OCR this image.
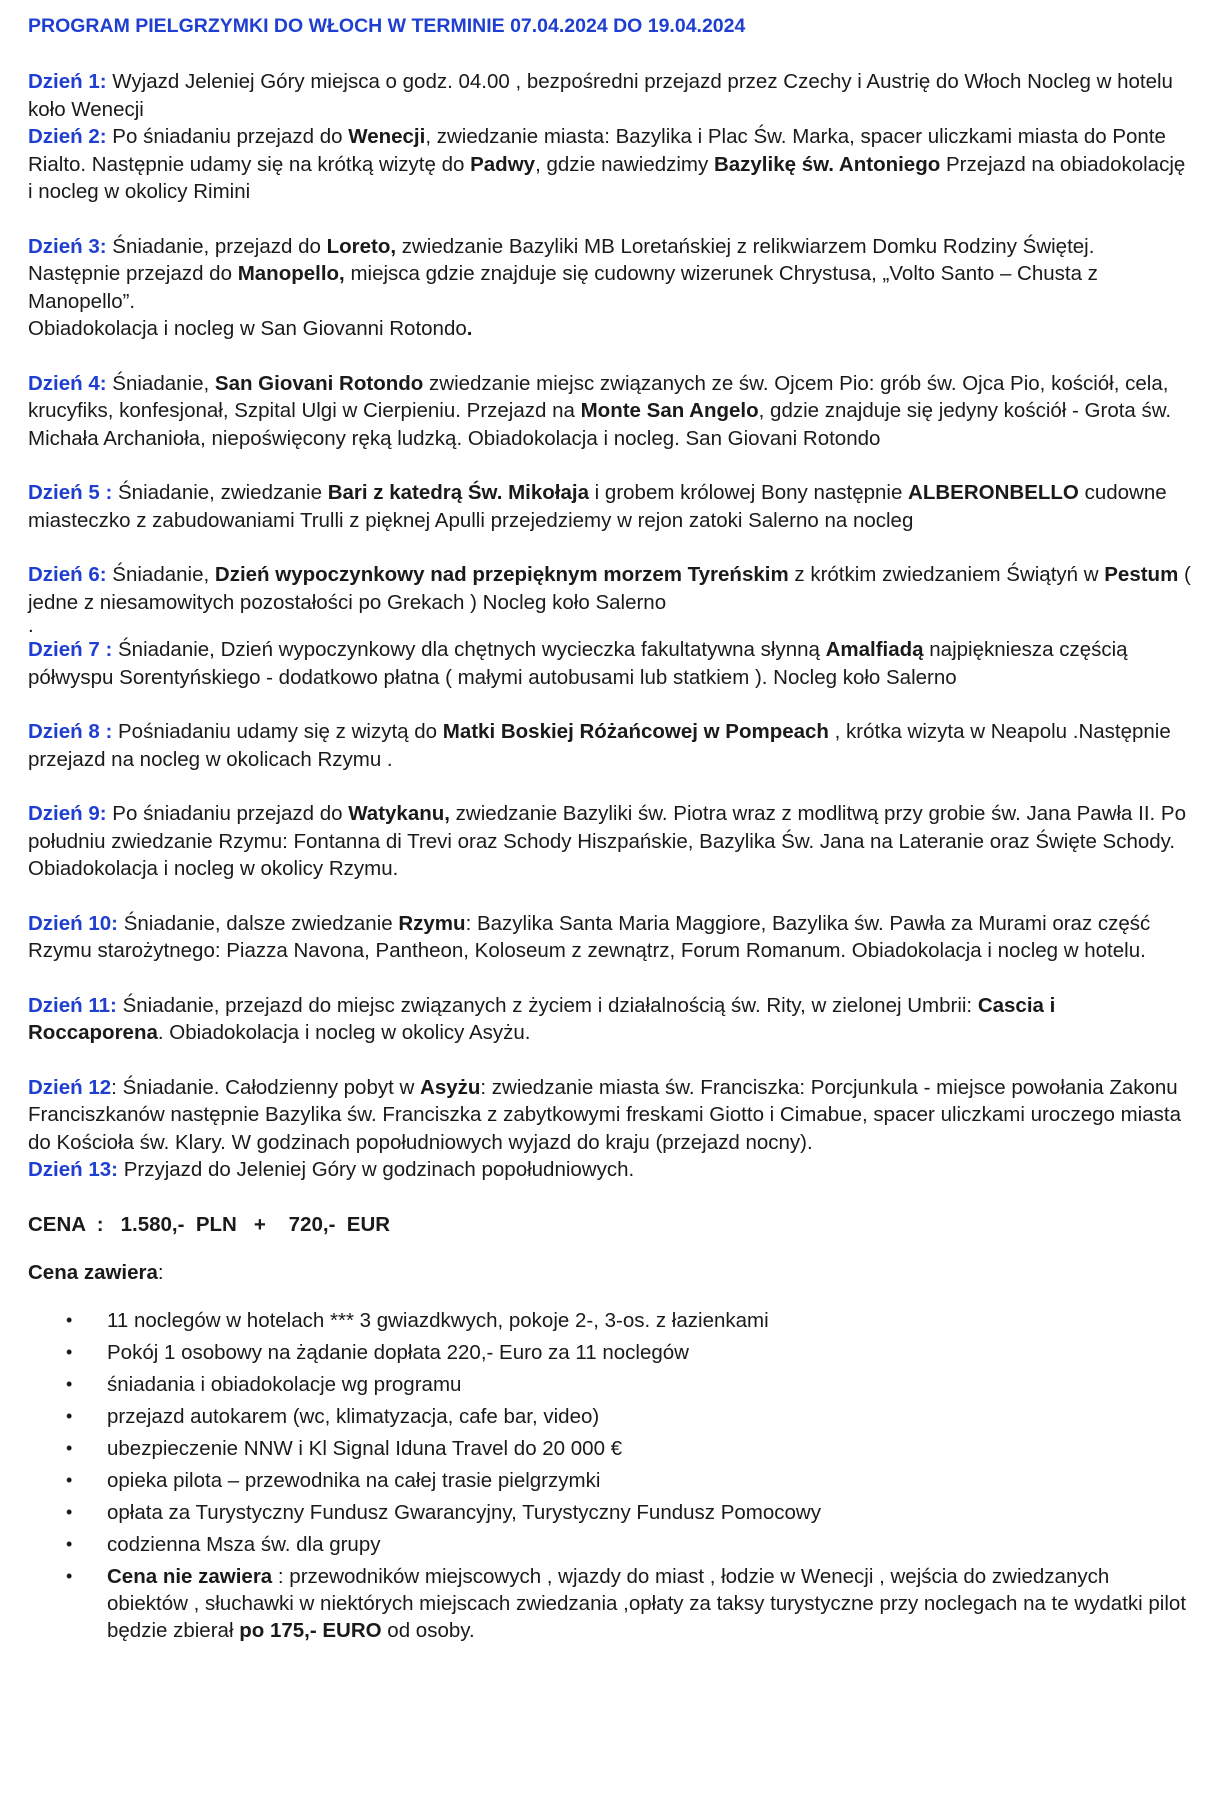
PROGRAM PIELGRZYMKI DO WŁOCH W TERMINIE 07.04.2024 DO 19.04.2024

Dzień 1: Wyjazd Jeleniej Góry miejsca o godz. 04.00 , bezpośredni przejazd przez Czechy i Austrię do Włoch Nocleg w hotelu koło Wenecji

Dzień 2: Po śniadaniu przejazd do Wenecji, zwiedzanie miasta: Bazylika i Plac Św. Marka, spacer uliczkami miasta do Ponte Rialto. Następnie udamy się na krótką wizytę do Padwy, gdzie nawiedzimy Bazylikę św. Antoniego Przejazd na obiadokolację i nocleg w okolicy Rimini

Dzień 3: Śniadanie, przejazd do Loreto, zwiedzanie Bazyliki MB Loretańskiej z relikwiarzem Domku Rodziny Świętej. Następnie przejazd do Manopello, miejsca gdzie znajduje się cudowny wizerunek Chrystusa, „Volto Santo – Chusta z Manopello”.
Obiadokolacja i nocleg w San Giovanni Rotondo.

Dzień 4: Śniadanie, San Giovani Rotondo zwiedzanie miejsc związanych ze św. Ojcem Pio: grób św. Ojca Pio, kościół, cela, krucyfiks, konfesjonał, Szpital Ulgi w Cierpieniu. Przejazd na Monte San Angelo, gdzie znajduje się jedyny kościół - Grota św. Michała Archanioła, niepoświęcony ręką ludzką. Obiadokolacja i nocleg. San Giovani Rotondo

Dzień 5 : Śniadanie, zwiedzanie Bari z katedrą Św. Mikołaja i grobem królowej Bony następnie ALBERONBELLO cudowne miasteczko z zabudowaniami Trulli z pięknej Apulli przejedziemy w rejon zatoki Salerno na nocleg

Dzień 6: Śniadanie, Dzień wypoczynkowy nad przepięknym morzem Tyreńskim z krótkim zwiedzaniem Świątyń w Pestum ( jedne z niesamowitych pozostałości po Grekach ) Nocleg koło Salerno

.

Dzień 7 : Śniadanie, Dzień wypoczynkowy dla chętnych wycieczka fakultatywna słynną Amalfiadą najpiękniesza częścią półwyspu Sorentyńskiego - dodatkowo płatna ( małymi autobusami lub statkiem ). Nocleg koło Salerno

Dzień 8 : Pośniadaniu udamy się z wizytą do Matki Boskiej Różańcowej w Pompeach , krótka wizyta w Neapolu .Następnie przejazd na nocleg w okolicach Rzymu .

Dzień 9: Po śniadaniu przejazd do Watykanu, zwiedzanie Bazyliki św. Piotra wraz z modlitwą przy grobie św. Jana Pawła II. Po południu zwiedzanie Rzymu: Fontanna di Trevi oraz Schody Hiszpańskie, Bazylika Św. Jana na Lateranie oraz Święte Schody. Obiadokolacja i nocleg w okolicy Rzymu.

Dzień 10: Śniadanie, dalsze zwiedzanie Rzymu: Bazylika Santa Maria Maggiore, Bazylika św. Pawła za Murami oraz część Rzymu starożytnego: Piazza Navona, Pantheon, Koloseum z zewnątrz, Forum Romanum. Obiadokolacja i nocleg w hotelu.

Dzień 11: Śniadanie, przejazd do miejsc związanych z życiem i działalnością św. Rity, w zielonej Umbrii: Cascia i Roccaporena. Obiadokolacja i nocleg w okolicy Asyżu.

Dzień 12: Śniadanie. Całodzienny pobyt w Asyżu: zwiedzanie miasta św. Franciszka: Porcjunkula - miejsce powołania Zakonu Franciszkanów następnie Bazylika św. Franciszka z zabytkowymi freskami Giotto i Cimabue, spacer uliczkami uroczego miasta do Kościoła św. Klary. W godzinach popołudniowych wyjazd do kraju (przejazd nocny).

Dzień 13: Przyjazd do Jeleniej Góry w godzinach popołudniowych.

CENA  :   1.580,-  PLN   +    720,-  EUR
Cena zawiera:
• 11 noclegów w hotelach *** 3 gwiazdkwych, pokoje 2-, 3-os. z łazienkami
• Pokój 1 osobowy na żądanie dopłata 220,- Euro za 11 noclegów
• śniadania i obiadokolacje wg programu
• przejazd autokarem (wc, klimatyzacja, cafe bar, video)
• ubezpieczenie NNW i Kl Signal Iduna Travel do 20 000 €
• opieka pilota – przewodnika na całej trasie pielgrzymki
• opłata za Turystyczny Fundusz Gwarancyjny, Turystyczny Fundusz Pomocowy
• codzienna Msza św. dla grupy
• Cena nie zawiera : przewodników miejscowych , wjazdy do miast , łodzie w Wenecji , wejścia do zwiedzanych obiektów , słuchawki w niektórych miejscach zwiedzania ,opłaty za taksy turystyczne przy noclegach na te wydatki pilot będzie zbierał po 175,- EURO od osoby.
